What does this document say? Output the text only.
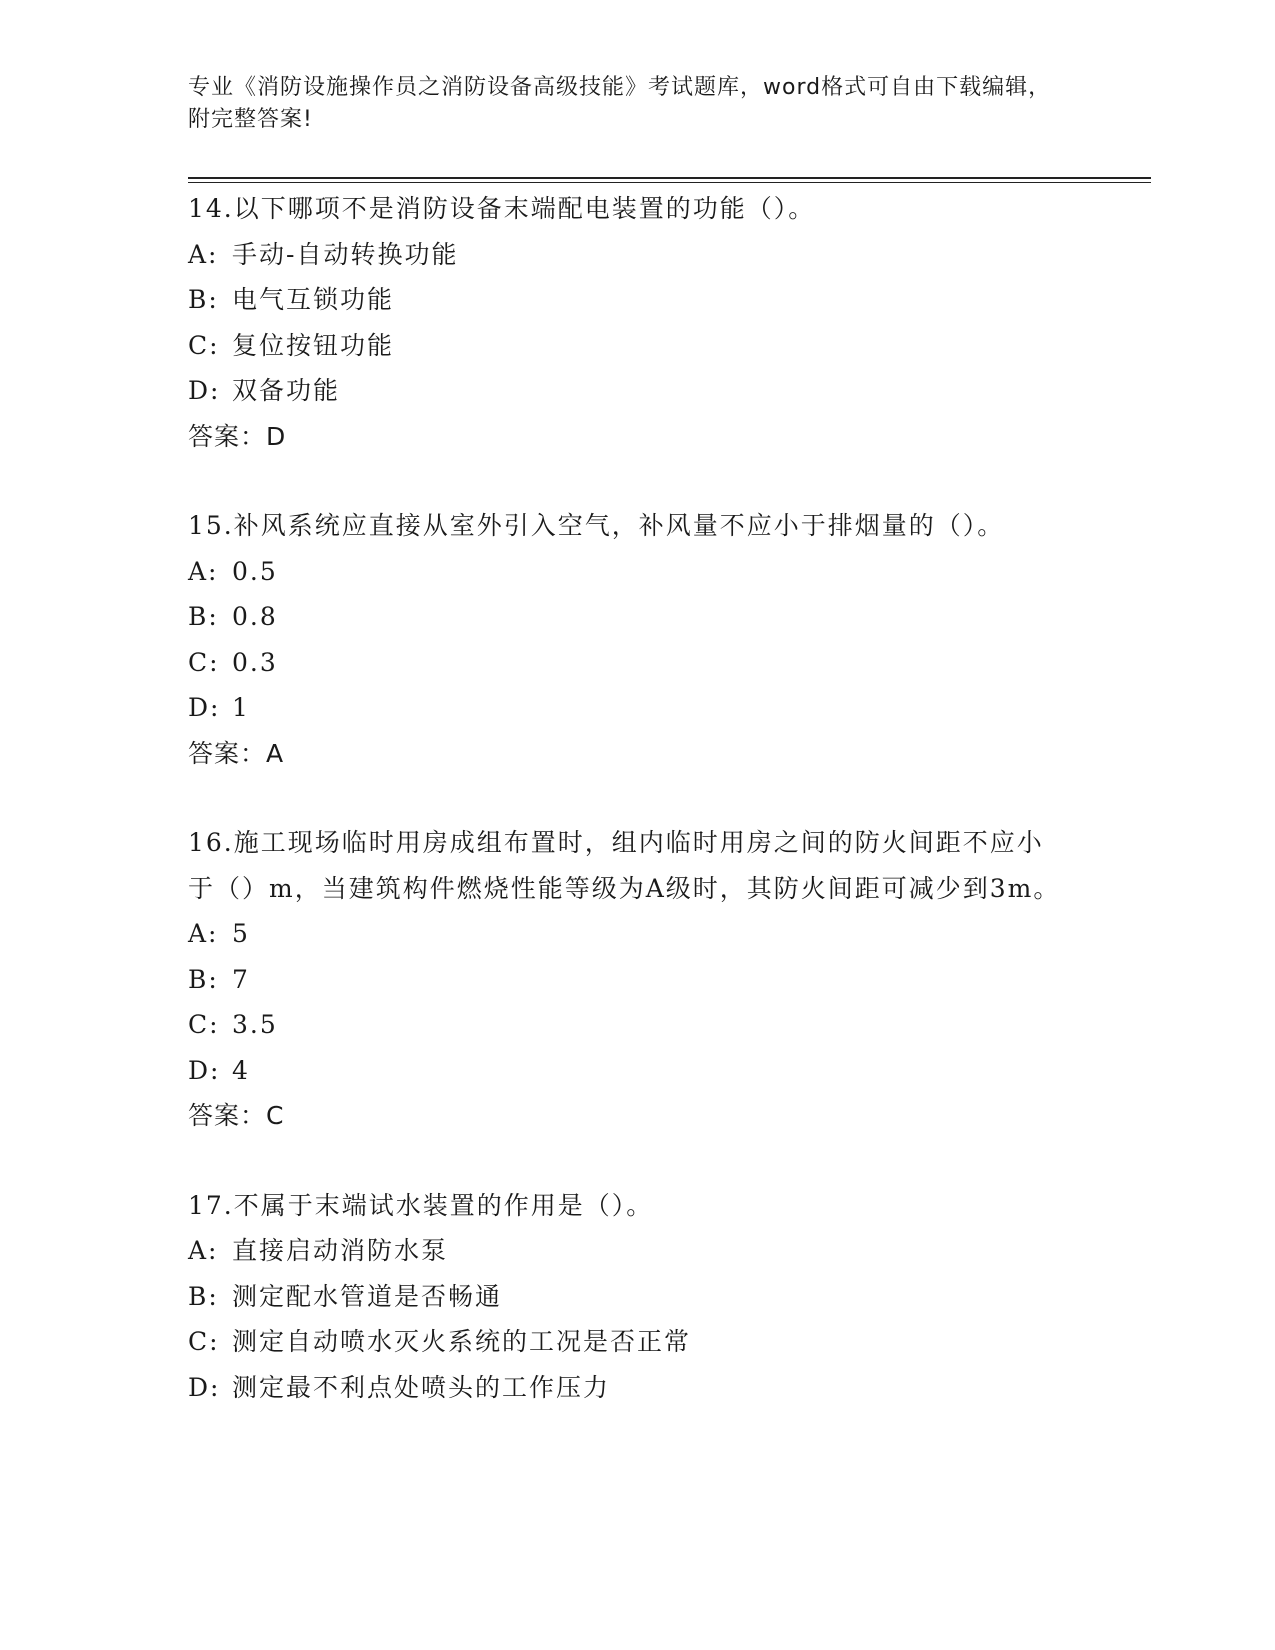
专业《消防设施操作员之消防设备高级技能》考试题库，word格式可自由下载编辑，附完整答案!
14.以下哪项不是消防设备末端配电装置的功能（）。
A: 手动-自动转换功能
B: 电气互锁功能
C: 复位按钮功能
D: 双备功能
答案：D
15.补风系统应直接从室外引入空气，补风量不应小于排烟量的（）。
A: 0.5
B: 0.8
C: 0.3
D: 1
答案：A
16.施工现场临时用房成组布置时，组内临时用房之间的防火间距不应小于（）m，当建筑构件燃烧性能等级为A级时，其防火间距可减少到3m。
A: 5
B: 7
C: 3.5
D: 4
答案：C
17.不属于末端试水装置的作用是（）。
A: 直接启动消防水泵
B: 测定配水管道是否畅通
C: 测定自动喷水灭火系统的工况是否正常
D: 测定最不利点处喷头的工作压力
